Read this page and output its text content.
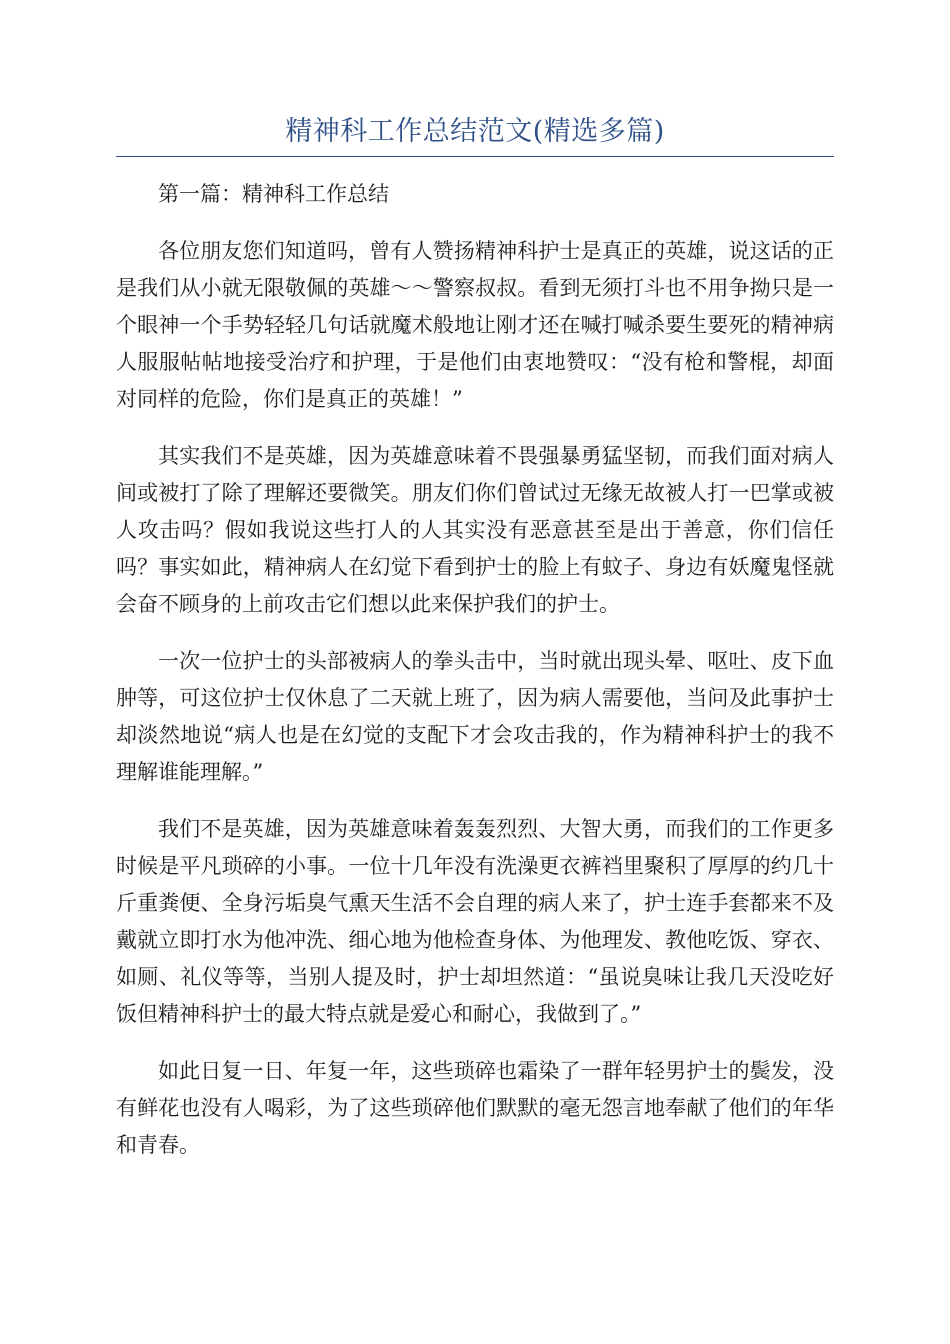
精神科工作总结范文(精选多篇)

第一篇：精神科工作总结

各位朋友您们知道吗，曾有人赞扬精神科护士是真正的英雄，说这话的正是我们从小就无限敬佩的英雄～～警察叔叔。看到无须打斗也不用争拗只是一个眼神一个手势轻轻几句话就魔术般地让刚才还在喊打喊杀要生要死的精神病人服服帖帖地接受治疗和护理，于是他们由衷地赞叹：“没有枪和警棍，却面对同样的危险，你们是真正的英雄！”

其实我们不是英雄，因为英雄意味着不畏强暴勇猛坚韧，而我们面对病人间或被打了除了理解还要微笑。朋友们你们曾试过无缘无故被人打一巴掌或被人攻击吗？假如我说这些打人的人其实没有恶意甚至是出于善意，你们信任吗？事实如此，精神病人在幻觉下看到护士的脸上有蚊子、身边有妖魔鬼怪就会奋不顾身的上前攻击它们想以此来保护我们的护士。

一次一位护士的头部被病人的拳头击中，当时就出现头晕、呕吐、皮下血肿等，可这位护士仅休息了二天就上班了，因为病人需要他，当问及此事护士却淡然地说“病人也是在幻觉的支配下才会攻击我的，作为精神科护士的我不理解谁能理解。”

我们不是英雄，因为英雄意味着轰轰烈烈、大智大勇，而我们的工作更多时候是平凡琐碎的小事。一位十几年没有洗澡更衣裤裆里聚积了厚厚的约几十斤重粪便、全身污垢臭气熏天生活不会自理的病人来了，护士连手套都来不及戴就立即打水为他冲洗、细心地为他检查身体、为他理发、教他吃饭、穿衣、如厕、礼仪等等，当别人提及时，护士却坦然道：“虽说臭味让我几天没吃好饭但精神科护士的最大特点就是爱心和耐心，我做到了。”

如此日复一日、年复一年，这些琐碎也霜染了一群年轻男护士的鬓发，没有鲜花也没有人喝彩，为了这些琐碎他们默默的毫无怨言地奉献了他们的年华和青春。
